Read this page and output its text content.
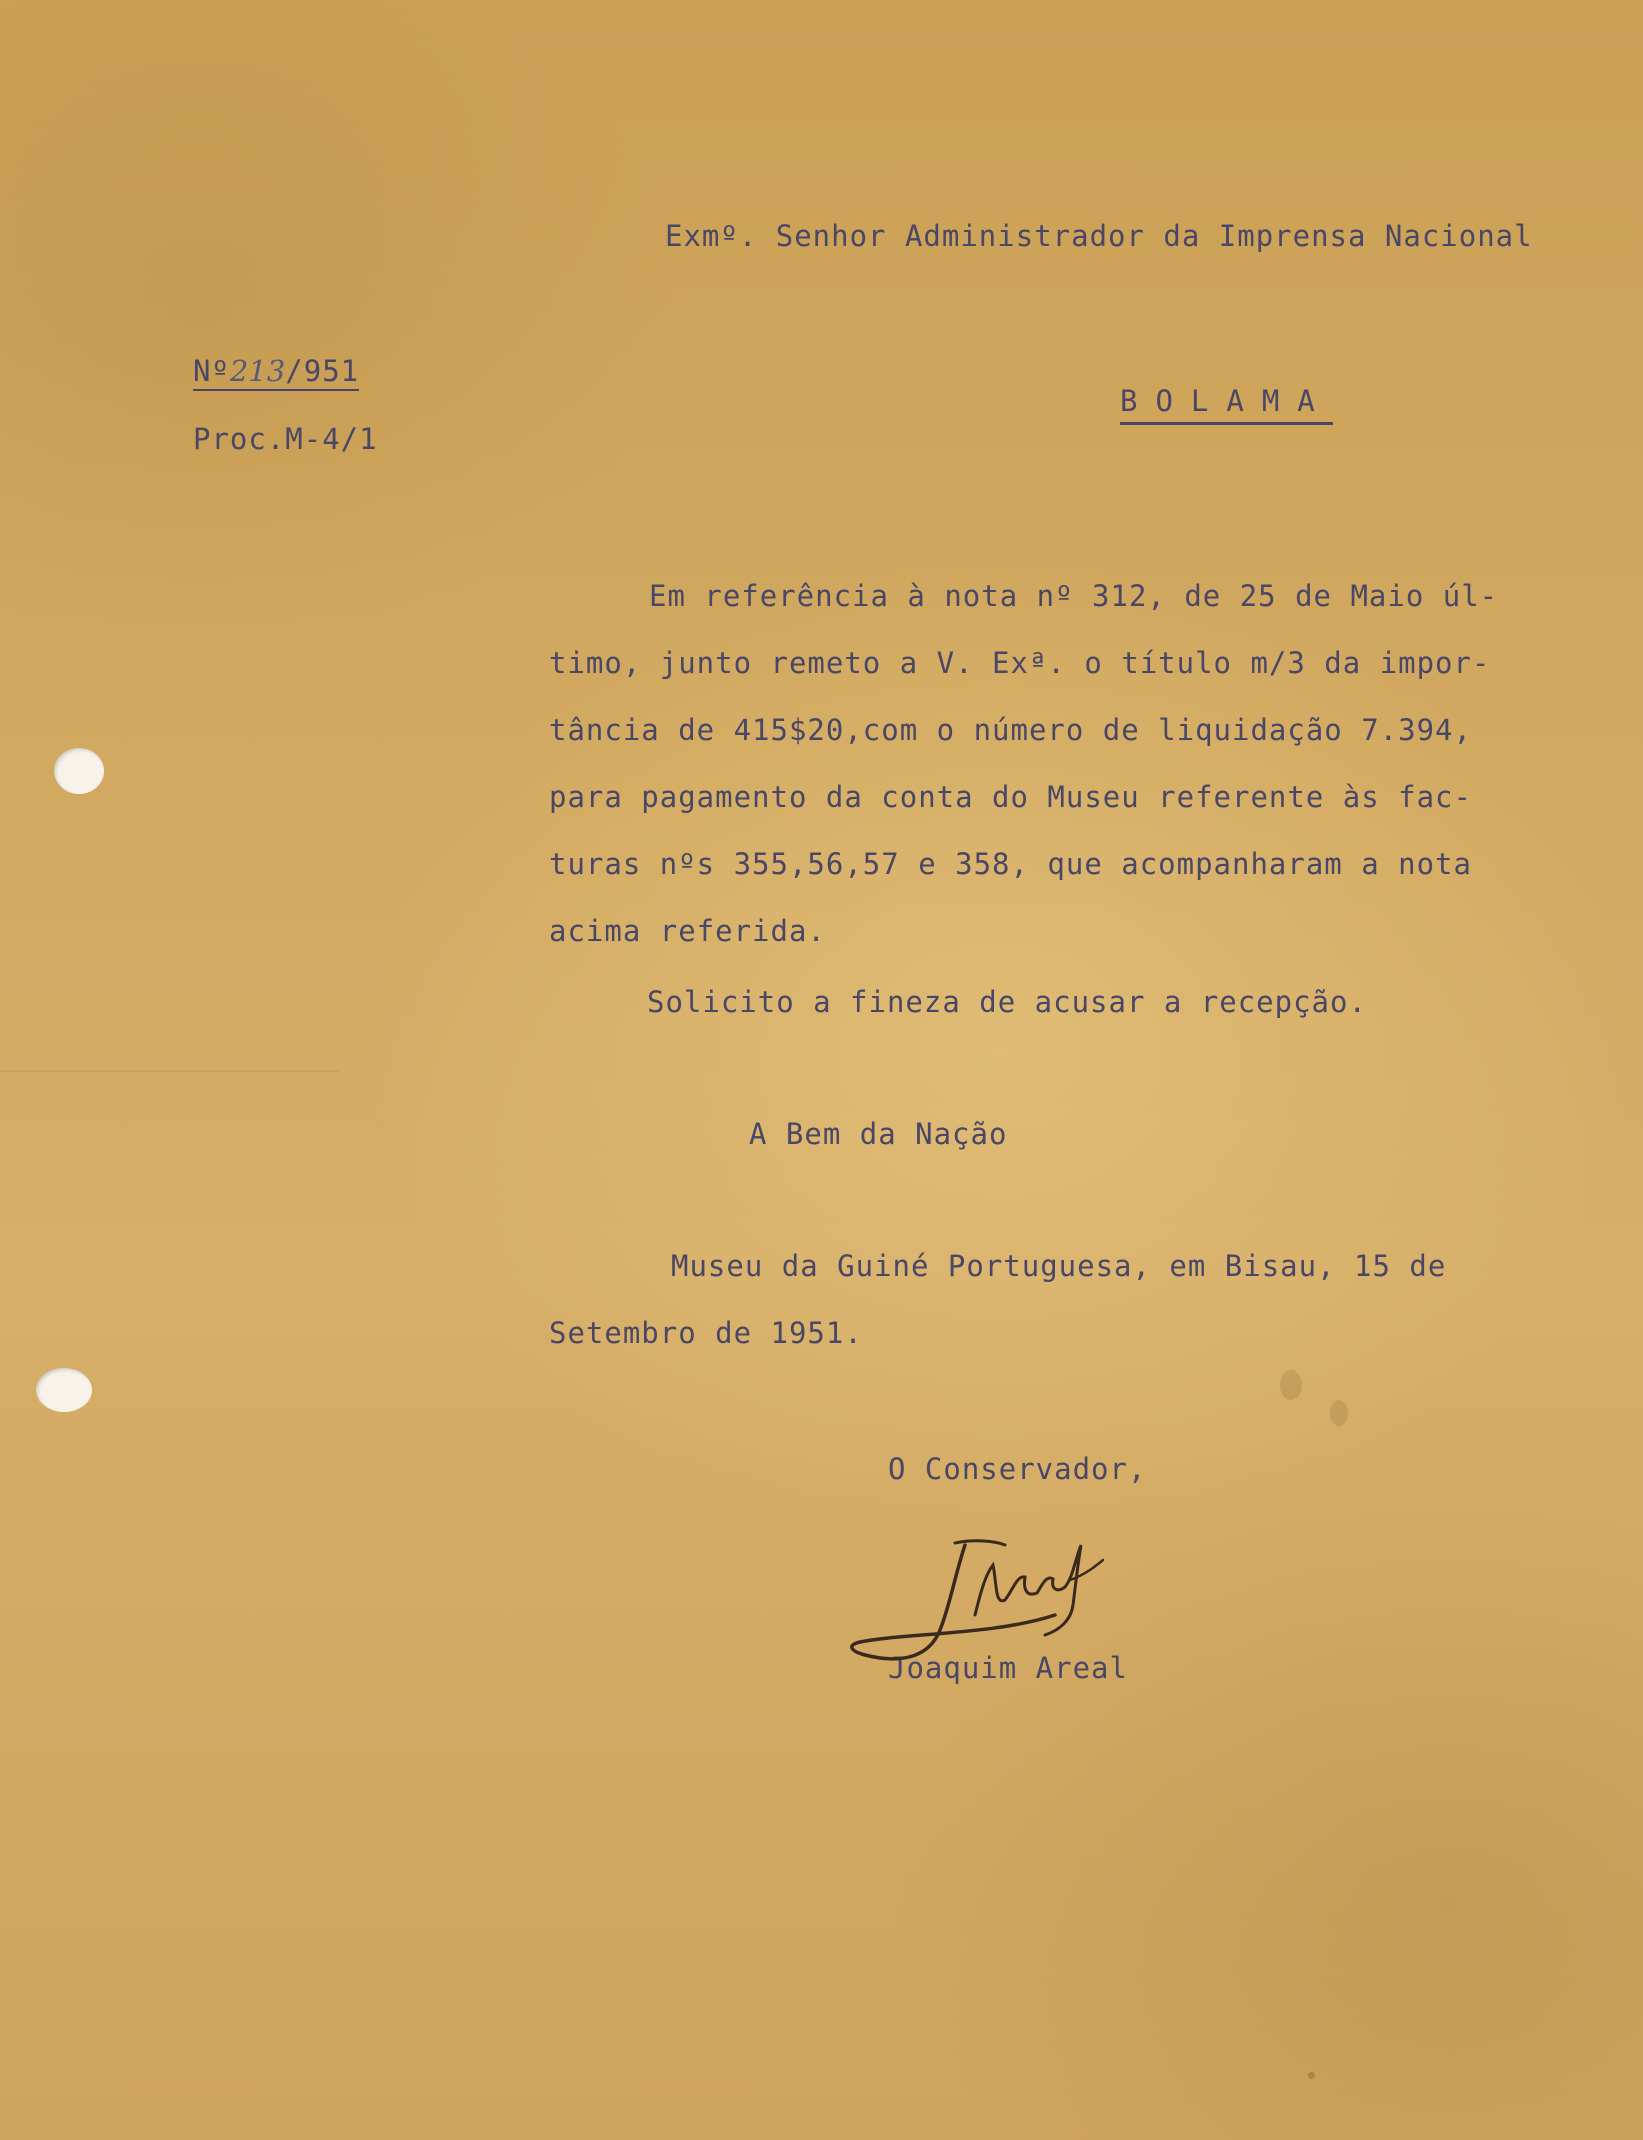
Exmº. Senhor Administrador da Imprensa Nacional

Nº213/951

Proc.M-4/1

BOLAMA

Em referência à nota nº 312, de 25 de Maio úl-
timo, junto remeto a V. Exª. o título m/3 da impor-
tância de 415$20,com o número de liquidação 7.394,
para pagamento da conta do Museu referente às fac-
turas nºs 355,56,57 e 358, que acompanharam a nota
acima referida.

Solicito a fineza de acusar a recepção.

A Bem da Nação

Museu da Guiné Portuguesa, em Bisau, 15 de
Setembro de 1951.

O Conservador,

Joaquim Areal
